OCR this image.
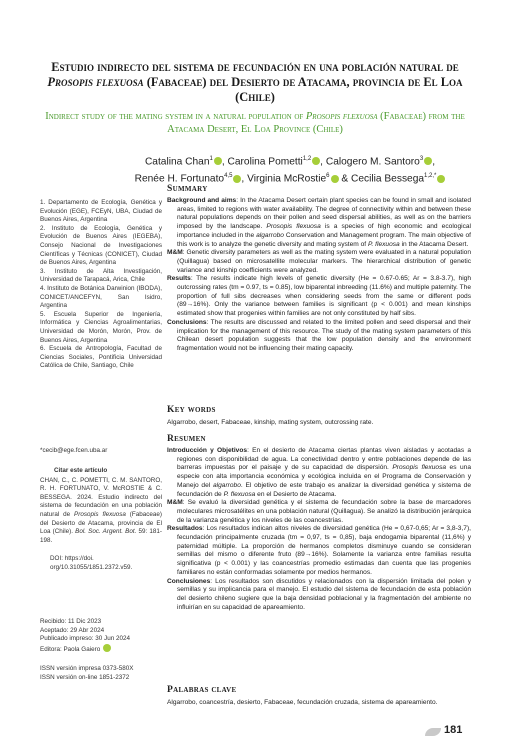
Estudio indirecto del sistema de fecundación en una población natural de Prosopis flexuosa (Fabaceae) del Desierto de Atacama, provincia de El Loa (Chile)
Indirect study of the mating system in a natural population of Prosopis flexuosa (Fabaceae) from the Atacama Desert, El Loa Province (Chile)
Catalina Chan$^1$ , Carolina Pometti$^{1,2}$ , Calogero M. Santoro$^3$ ,
Renée H. Fortunato$^{4,5}$ , Virginia McRostie$^6$ & Cecilia Bessega$^{1,2,*}$
1. Departamento de Ecología, Genética y Evolución (EGE), FCEyN, UBA, Ciudad de Buenos Aires, Argentina
2. Instituto de Ecología, Genética y Evolución de Buenos Aires (IEGEBA), Consejo Nacional de Investigaciones Científicas y Técnicas (CONICET), Ciudad de Buenos Aires, Argentina
3. Instituto de Alta Investigación, Universidad de Tarapacá, Arica, Chile
4. Instituto de Botánica Darwinion (IBODA), CONICET/ANCEFYN, San Isidro, Argentina
5. Escuela Superior de Ingeniería, Informática y Ciencias Agroalimentarias, Universidad de Morón, Morón, Prov. de Buenos Aires, Argentina
6. Escuela de Antropología, Facultad de Ciencias Sociales, Pontificia Universidad Católica de Chile, Santiago, Chile
*cecib@ege.fcen.uba.ar
Citar este artículo
CHAN, C., C. POMETTI, C. M. SANTORO, R. H. FORTUNATO, V. McROSTIE & C. BESSEGA. 2024. Estudio indirecto del sistema de fecundación en una población natural de Prosopis flexuosa (Fabaceae) del Desierto de Atacama, provincia de El Loa (Chile). Bol. Soc. Argent. Bot. 59: 181-198.
DOI: https://doi. org/10.31055/1851.2372.v59.
Recibido: 11 Dic 2023
Aceptado: 29 Abr 2024
Publicado impreso: 30 Jun 2024
Editora: Paola Gaiero
ISSN versión impresa 0373-580X
ISSN versión on-line 1851-2372
Summary

Background and aims: In the Atacama Desert certain plant species can be found in small and isolated areas, limited to regions with water availability. The degree of connectivity within and between these natural populations depends on their pollen and seed dispersal abilities, as well as on the barriers imposed by the landscape. Prosopis flexuosa is a species of high economic and ecological importance included in the algarrobo Conservation and Management program. The main objective of this work is to analyze the genetic diversity and mating system of P. flexuosa in the Atacama Desert.

M&M: Genetic diversity parameters as well as the mating system were evaluated in a natural population (Quillagua) based on microsatellite molecular markers. The hierarchical distribution of genetic variance and kinship coefficients were analyzed.

Results: The results indicate high levels of genetic diversity (He = 0.67-0.65; Ar = 3.8-3.7), high outcrossing rates (tm = 0.97, ts = 0.85), low biparental inbreeding (11.6%) and multiple paternity. The proportion of full sibs decreases when considering seeds from the same or different pods (89→16%). Only the variance between families is significant (p < 0.001) and mean kinships estimated show that progenies within families are not only constituted by half sibs.

Conclusions: The results are discussed and related to the limited pollen and seed dispersal and their implication for the management of this resource. The study of the mating system parameters of this Chilean desert population suggests that the low population density and the environment fragmentation would not be influencing their mating capacity.

Key words
Algarrobo, desert, Fabaceae, kinship, mating system, outcrossing rate.
Resumen

Introducción y Objetivos: En el desierto de Atacama ciertas plantas viven aisladas y acotadas a regiones con disponibilidad de agua. La conectividad dentro y entre poblaciones depende de las barreras impuestas por el paisaje y de su capacidad de dispersión. Prosopis flexuosa es una especie con alta importancia económica y ecológica incluida en el Programa de Conservación y Manejo del algarrobo. El objetivo de este trabajo es analizar la diversidad genética y sistema de fecundación de P. flexuosa en el Desierto de Atacama.

M&M: Se evaluó la diversidad genética y el sistema de fecundación sobre la base de marcadores moleculares microsatélites en una población natural (Quillagua). Se analizó la distribución jerárquica de la varianza genética y los niveles de las coancestrías.

Resultados: Los resultados indican altos niveles de diversidad genética (He = 0,67-0,65; Ar = 3,8-3,7), fecundación principalmente cruzada (tm = 0,97, ts = 0,85), baja endogamia biparental (11,6%) y paternidad múltiple. La proporción de hermanos completos disminuye cuando se consideran semillas del mismo o diferente fruto (89→16%). Solamente la varianza entre familias resulta significativa (p < 0.001) y las coancestrías promedio estimadas dan cuenta que las progenies familiares no están conformadas solamente por medios hermanos.

Conclusiones: Los resultados son discutidos y relacionados con la dispersión limitada del polen y semillas y su implicancia para el manejo. El estudio del sistema de fecundación de esta población del desierto chileno sugiere que la baja densidad poblacional y la fragmentación del ambiente no influirían en su capacidad de apareamiento.

Palabras clave
Algarrobo, coancestría, desierto, Fabaceae, fecundación cruzada, sistema de apareamiento.
181
